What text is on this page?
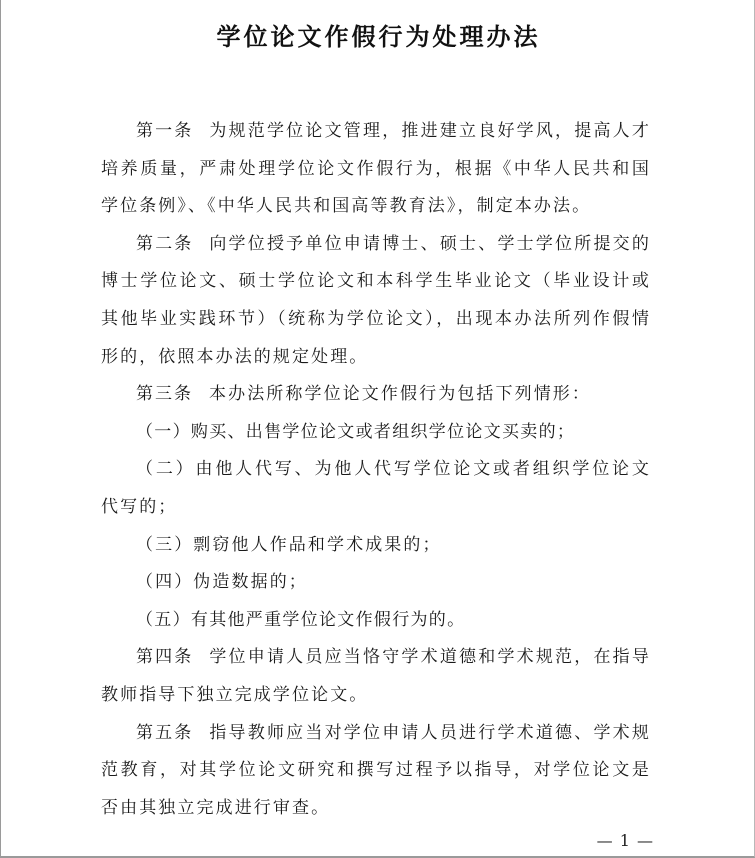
学位论文作假行为处理办法

第一条 为规范学位论文管理，推进建立良好学风，提高人才培养质量，严肃处理学位论文作假行为，根据《中华人民共和国学位条例》、《中华人民共和国高等教育法》，制定本办法。

第二条 向学位授予单位申请博士、硕士、学士学位所提交的博士学位论文、硕士学位论文和本科学生毕业论文（毕业设计或其他毕业实践环节）（统称为学位论文），出现本办法所列作假情形的，依照本办法的规定处理。

第三条 本办法所称学位论文作假行为包括下列情形：

（一）购买、出售学位论文或者组织学位论文买卖的；

（二）由他人代写、为他人代写学位论文或者组织学位论文代写的；

（三）剽窃他人作品和学术成果的；

（四）伪造数据的；

（五）有其他严重学位论文作假行为的。

第四条 学位申请人员应当恪守学术道德和学术规范，在指导教师指导下独立完成学位论文。

第五条 指导教师应当对学位申请人员进行学术道德、学术规范教育，对其学位论文研究和撰写过程予以指导，对学位论文是否由其独立完成进行审查。

— 1 —
